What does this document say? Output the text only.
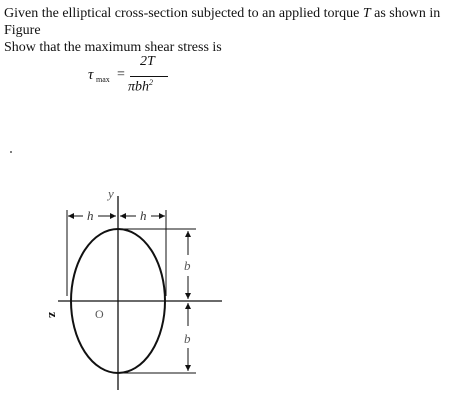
Given the elliptical cross-section subjected to an applied torque T as shown in Figure

Show that the maximum shear stress is

τ max =
2T
πbh$^2$
y
h	h
b
b
O
z
